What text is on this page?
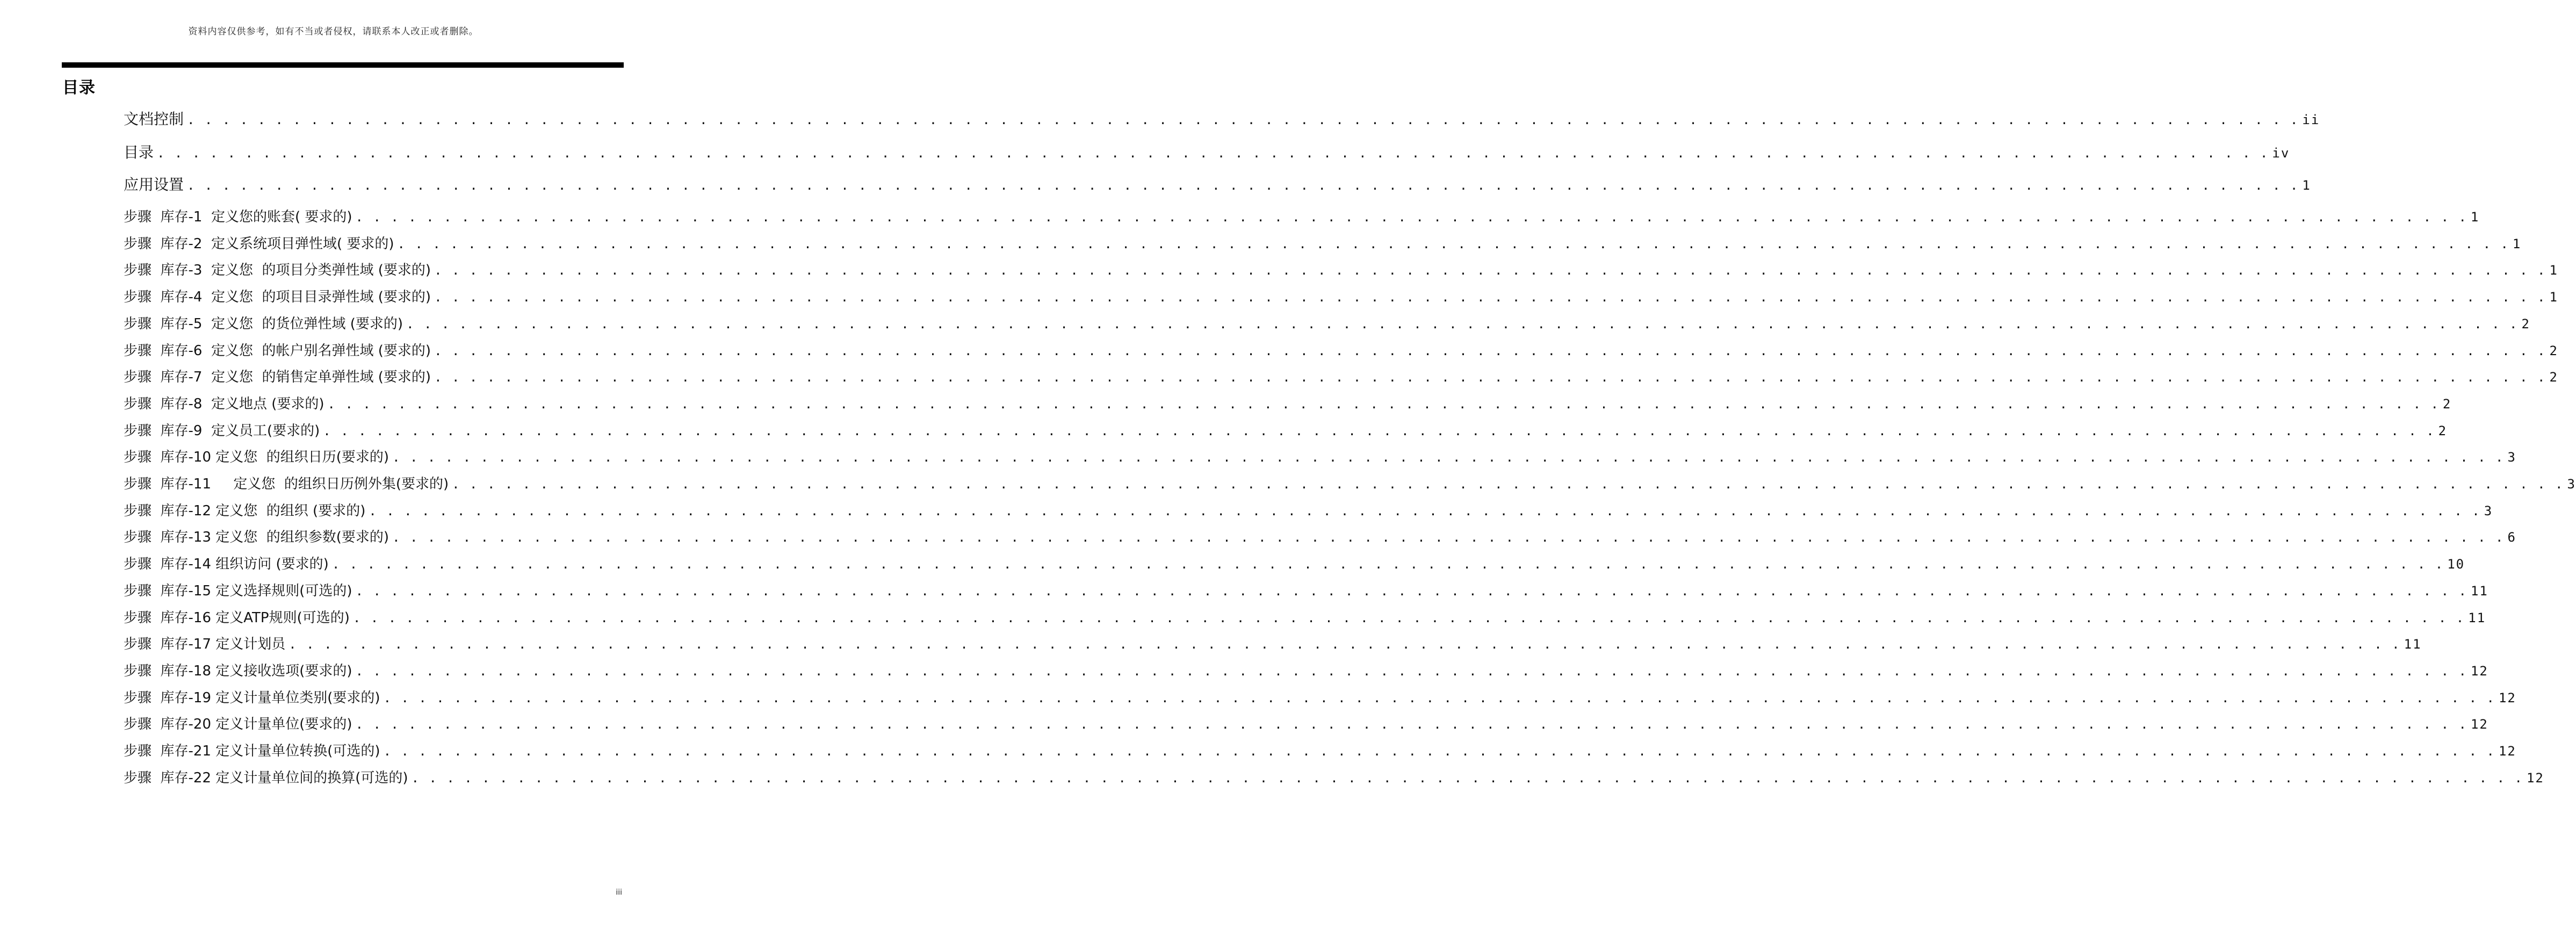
资料内容仅供参考，如有不当或者侵权，请联系本人改正或者删除。
目录
文档控制 . . . . . . . . . . . . . . . . . . . . . . . . . . . . . . . . . . . . . . . . . . . . . . . . . . . . . . . . . . . . . . . . . . . . . . . . . . . . . . . . . . . . . . . . . . . . . . . . . . . . . . . . . . . . . . . . . . . . . . . . ii
目录 . . . . . . . . . . . . . . . . . . . . . . . . . . . . . . . . . . . . . . . . . . . . . . . . . . . . . . . . . . . . . . . . . . . . . . . . . . . . . . . . . . . . . . . . . . . . . . . . . . . . . . . . . . . . . . . . . . . . . . . . iv
应用设置 . . . . . . . . . . . . . . . . . . . . . . . . . . . . . . . . . . . . . . . . . . . . . . . . . . . . . . . . . . . . . . . . . . . . . . . . . . . . . . . . . . . . . . . . . . . . . . . . . . . . . . . . . . . . . . . . . . . . . . . . 1
步骤  库存-1  定义您的账套( 要求的) . . . . . . . . . . . . . . . . . . . . . . . . . . . . . . . . . . . . . . . . . . . . . . . . . . . . . . . . . . . . . . . . . . . . . . . . . . . . . . . . . . . . . . . . . . . . . . . . . . . . . . . . . . . . . . . . . . . . . . . . 1
步骤  库存-2  定义系统项目弹性域( 要求的) . . . . . . . . . . . . . . . . . . . . . . . . . . . . . . . . . . . . . . . . . . . . . . . . . . . . . . . . . . . . . . . . . . . . . . . . . . . . . . . . . . . . . . . . . . . . . . . . . . . . . . . . . . . . . . . . . . . . . . . . 1
步骤  库存-3  定义您  的项目分类弹性域 (要求的) . . . . . . . . . . . . . . . . . . . . . . . . . . . . . . . . . . . . . . . . . . . . . . . . . . . . . . . . . . . . . . . . . . . . . . . . . . . . . . . . . . . . . . . . . . . . . . . . . . . . . . . . . . . . . . . . . . . . . . . . 1
步骤  库存-4  定义您  的项目目录弹性域 (要求的) . . . . . . . . . . . . . . . . . . . . . . . . . . . . . . . . . . . . . . . . . . . . . . . . . . . . . . . . . . . . . . . . . . . . . . . . . . . . . . . . . . . . . . . . . . . . . . . . . . . . . . . . . . . . . . . . . . . . . . . . 1
步骤  库存-5  定义您  的货位弹性域 (要求的) . . . . . . . . . . . . . . . . . . . . . . . . . . . . . . . . . . . . . . . . . . . . . . . . . . . . . . . . . . . . . . . . . . . . . . . . . . . . . . . . . . . . . . . . . . . . . . . . . . . . . . . . . . . . . . . . . . . . . . . . 2
步骤  库存-6  定义您  的帐户别名弹性域 (要求的) . . . . . . . . . . . . . . . . . . . . . . . . . . . . . . . . . . . . . . . . . . . . . . . . . . . . . . . . . . . . . . . . . . . . . . . . . . . . . . . . . . . . . . . . . . . . . . . . . . . . . . . . . . . . . . . . . . . . . . . . 2
步骤  库存-7  定义您  的销售定单弹性域 (要求的) . . . . . . . . . . . . . . . . . . . . . . . . . . . . . . . . . . . . . . . . . . . . . . . . . . . . . . . . . . . . . . . . . . . . . . . . . . . . . . . . . . . . . . . . . . . . . . . . . . . . . . . . . . . . . . . . . . . . . . . . 2
步骤  库存-8  定义地点 (要求的) . . . . . . . . . . . . . . . . . . . . . . . . . . . . . . . . . . . . . . . . . . . . . . . . . . . . . . . . . . . . . . . . . . . . . . . . . . . . . . . . . . . . . . . . . . . . . . . . . . . . . . . . . . . . . . . . . . . . . . . . 2
步骤  库存-9  定义员工(要求的) . . . . . . . . . . . . . . . . . . . . . . . . . . . . . . . . . . . . . . . . . . . . . . . . . . . . . . . . . . . . . . . . . . . . . . . . . . . . . . . . . . . . . . . . . . . . . . . . . . . . . . . . . . . . . . . . . . . . . . . . 2
步骤  库存-10 定义您  的组织日历(要求的) . . . . . . . . . . . . . . . . . . . . . . . . . . . . . . . . . . . . . . . . . . . . . . . . . . . . . . . . . . . . . . . . . . . . . . . . . . . . . . . . . . . . . . . . . . . . . . . . . . . . . . . . . . . . . . . . . . . . . . . . 3
步骤  库存-11     定义您  的组织日历例外集(要求的) . . . . . . . . . . . . . . . . . . . . . . . . . . . . . . . . . . . . . . . . . . . . . . . . . . . . . . . . . . . . . . . . . . . . . . . . . . . . . . . . . . . . . . . . . . . . . . . . . . . . . . . . . . . . . . . . . . . . . . . . 3
步骤  库存-12 定义您  的组织 (要求的) . . . . . . . . . . . . . . . . . . . . . . . . . . . . . . . . . . . . . . . . . . . . . . . . . . . . . . . . . . . . . . . . . . . . . . . . . . . . . . . . . . . . . . . . . . . . . . . . . . . . . . . . . . . . . . . . . . . . . . . . 3
步骤  库存-13 定义您  的组织参数(要求的) . . . . . . . . . . . . . . . . . . . . . . . . . . . . . . . . . . . . . . . . . . . . . . . . . . . . . . . . . . . . . . . . . . . . . . . . . . . . . . . . . . . . . . . . . . . . . . . . . . . . . . . . . . . . . . . . . . . . . . . . 6
步骤  库存-14 组织访问 (要求的) . . . . . . . . . . . . . . . . . . . . . . . . . . . . . . . . . . . . . . . . . . . . . . . . . . . . . . . . . . . . . . . . . . . . . . . . . . . . . . . . . . . . . . . . . . . . . . . . . . . . . . . . . . . . . . . . . . . . . . . . 10
步骤  库存-15 定义选择规则(可选的) . . . . . . . . . . . . . . . . . . . . . . . . . . . . . . . . . . . . . . . . . . . . . . . . . . . . . . . . . . . . . . . . . . . . . . . . . . . . . . . . . . . . . . . . . . . . . . . . . . . . . . . . . . . . . . . . . . . . . . . . 11
步骤  库存-16 定义ATP规则(可选的) . . . . . . . . . . . . . . . . . . . . . . . . . . . . . . . . . . . . . . . . . . . . . . . . . . . . . . . . . . . . . . . . . . . . . . . . . . . . . . . . . . . . . . . . . . . . . . . . . . . . . . . . . . . . . . . . . . . . . . . . 11
步骤  库存-17 定义计划员 . . . . . . . . . . . . . . . . . . . . . . . . . . . . . . . . . . . . . . . . . . . . . . . . . . . . . . . . . . . . . . . . . . . . . . . . . . . . . . . . . . . . . . . . . . . . . . . . . . . . . . . . . . . . . . . . . . . . . . . . 11
步骤  库存-18 定义接收选项(要求的) . . . . . . . . . . . . . . . . . . . . . . . . . . . . . . . . . . . . . . . . . . . . . . . . . . . . . . . . . . . . . . . . . . . . . . . . . . . . . . . . . . . . . . . . . . . . . . . . . . . . . . . . . . . . . . . . . . . . . . . . 12
步骤  库存-19 定义计量单位类别(要求的) . . . . . . . . . . . . . . . . . . . . . . . . . . . . . . . . . . . . . . . . . . . . . . . . . . . . . . . . . . . . . . . . . . . . . . . . . . . . . . . . . . . . . . . . . . . . . . . . . . . . . . . . . . . . . . . . . . . . . . . . 12
步骤  库存-20 定义计量单位(要求的) . . . . . . . . . . . . . . . . . . . . . . . . . . . . . . . . . . . . . . . . . . . . . . . . . . . . . . . . . . . . . . . . . . . . . . . . . . . . . . . . . . . . . . . . . . . . . . . . . . . . . . . . . . . . . . . . . . . . . . . . 12
步骤  库存-21 定义计量单位转换(可选的) . . . . . . . . . . . . . . . . . . . . . . . . . . . . . . . . . . . . . . . . . . . . . . . . . . . . . . . . . . . . . . . . . . . . . . . . . . . . . . . . . . . . . . . . . . . . . . . . . . . . . . . . . . . . . . . . . . . . . . . . 12
步骤  库存-22 定义计量单位间的换算(可选的) . . . . . . . . . . . . . . . . . . . . . . . . . . . . . . . . . . . . . . . . . . . . . . . . . . . . . . . . . . . . . . . . . . . . . . . . . . . . . . . . . . . . . . . . . . . . . . . . . . . . . . . . . . . . . . . . . . . . . . . . 12
iii
